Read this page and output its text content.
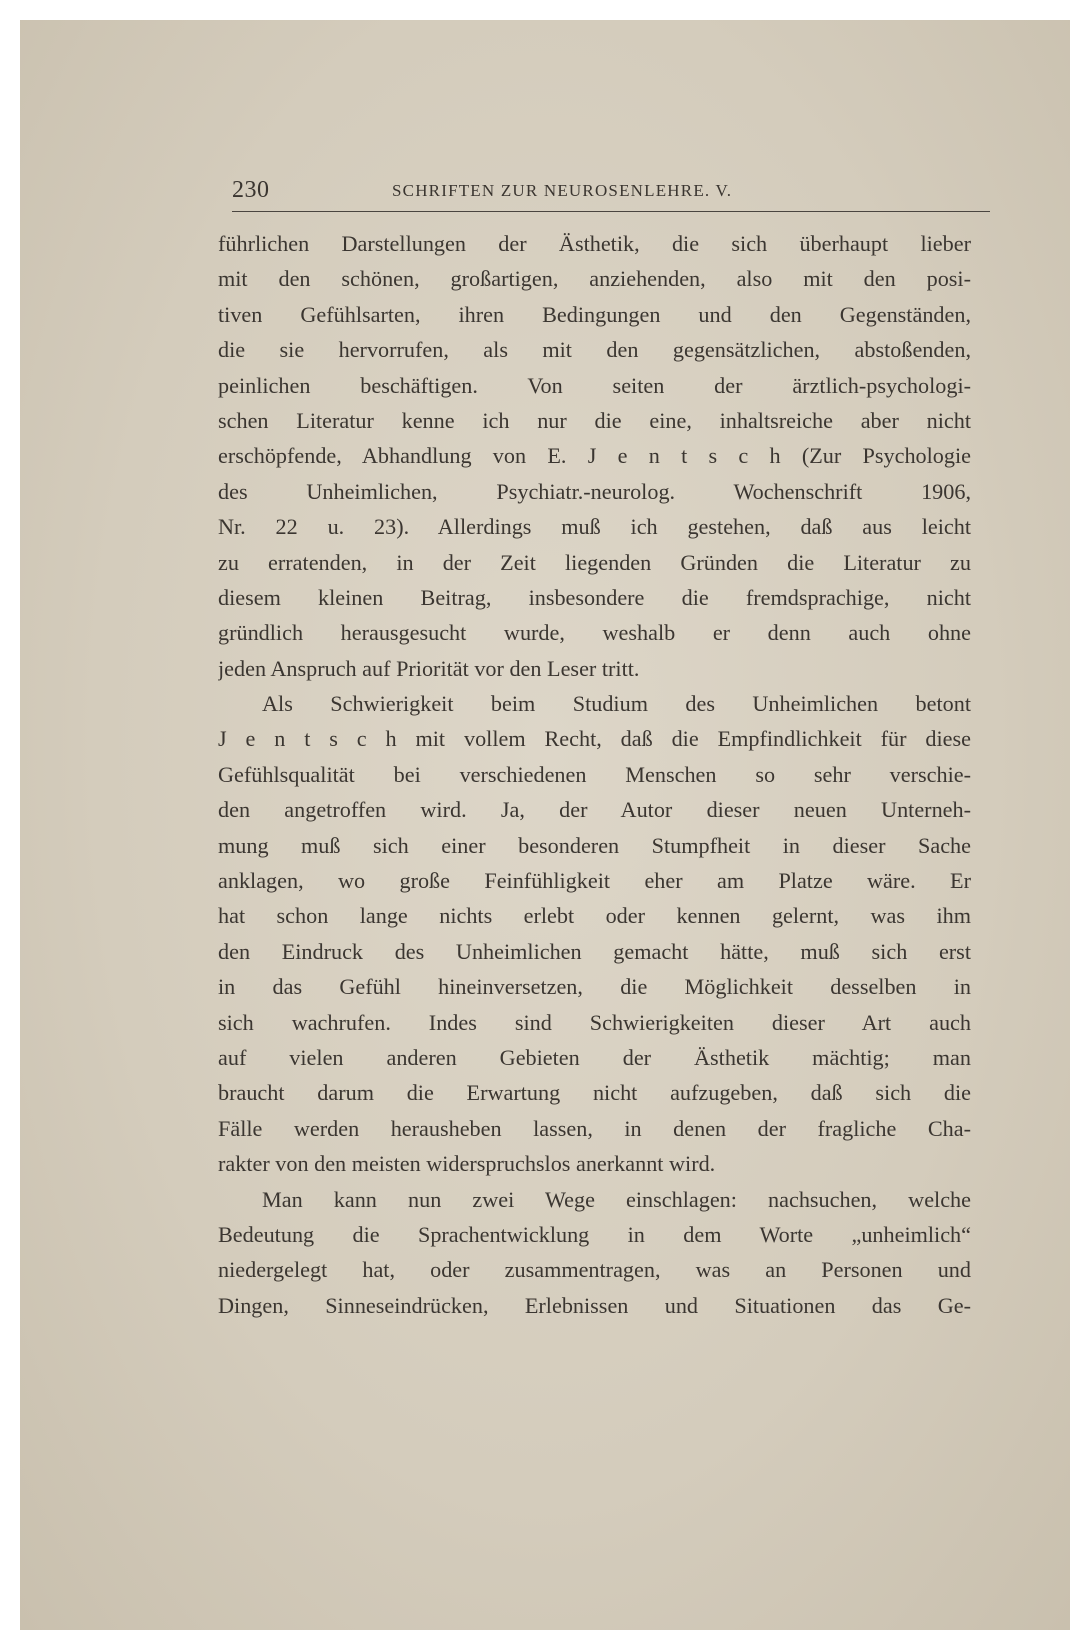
230	SCHRIFTEN ZUR NEUROSENLEHRE. V.
führlichen Darstellungen der Ästhetik, die sich überhaupt lieber
mit den schönen, großartigen, anziehenden, also mit den posi-
tiven Gefühlsarten, ihren Bedingungen und den Gegenständen,
die sie hervorrufen, als mit den gegensätzlichen, abstoßenden,
peinlichen beschäftigen. Von seiten der ärztlich-psychologi-
schen Literatur kenne ich nur die eine, inhaltsreiche aber nicht
erschöpfende, Abhandlung von E. J e n t s c h (Zur Psychologie
des Unheimlichen, Psychiatr.-neurolog. Wochenschrift 1906,
Nr. 22 u. 23). Allerdings muß ich gestehen, daß aus leicht
zu erratenden, in der Zeit liegenden Gründen die Literatur zu
diesem kleinen Beitrag, insbesondere die fremdsprachige, nicht
gründlich herausgesucht wurde, weshalb er denn auch ohne
jeden Anspruch auf Priorität vor den Leser tritt.
Als Schwierigkeit beim Studium des Unheimlichen betont
J e n t s c h mit vollem Recht, daß die Empfindlichkeit für diese
Gefühlsqualität bei verschiedenen Menschen so sehr verschie-
den angetroffen wird. Ja, der Autor dieser neuen Unterneh-
mung muß sich einer besonderen Stumpfheit in dieser Sache
anklagen, wo große Feinfühligkeit eher am Platze wäre. Er
hat schon lange nichts erlebt oder kennen gelernt, was ihm
den Eindruck des Unheimlichen gemacht hätte, muß sich erst
in das Gefühl hineinversetzen, die Möglichkeit desselben in
sich wachrufen. Indes sind Schwierigkeiten dieser Art auch
auf vielen anderen Gebieten der Ästhetik mächtig; man
braucht darum die Erwartung nicht aufzugeben, daß sich die
Fälle werden herausheben lassen, in denen der fragliche Cha-
rakter von den meisten widerspruchslos anerkannt wird.
Man kann nun zwei Wege einschlagen: nachsuchen, welche
Bedeutung die Sprachentwicklung in dem Worte „unheimlich“
niedergelegt hat, oder zusammentragen, was an Personen und
Dingen, Sinneseindrücken, Erlebnissen und Situationen das Ge-
